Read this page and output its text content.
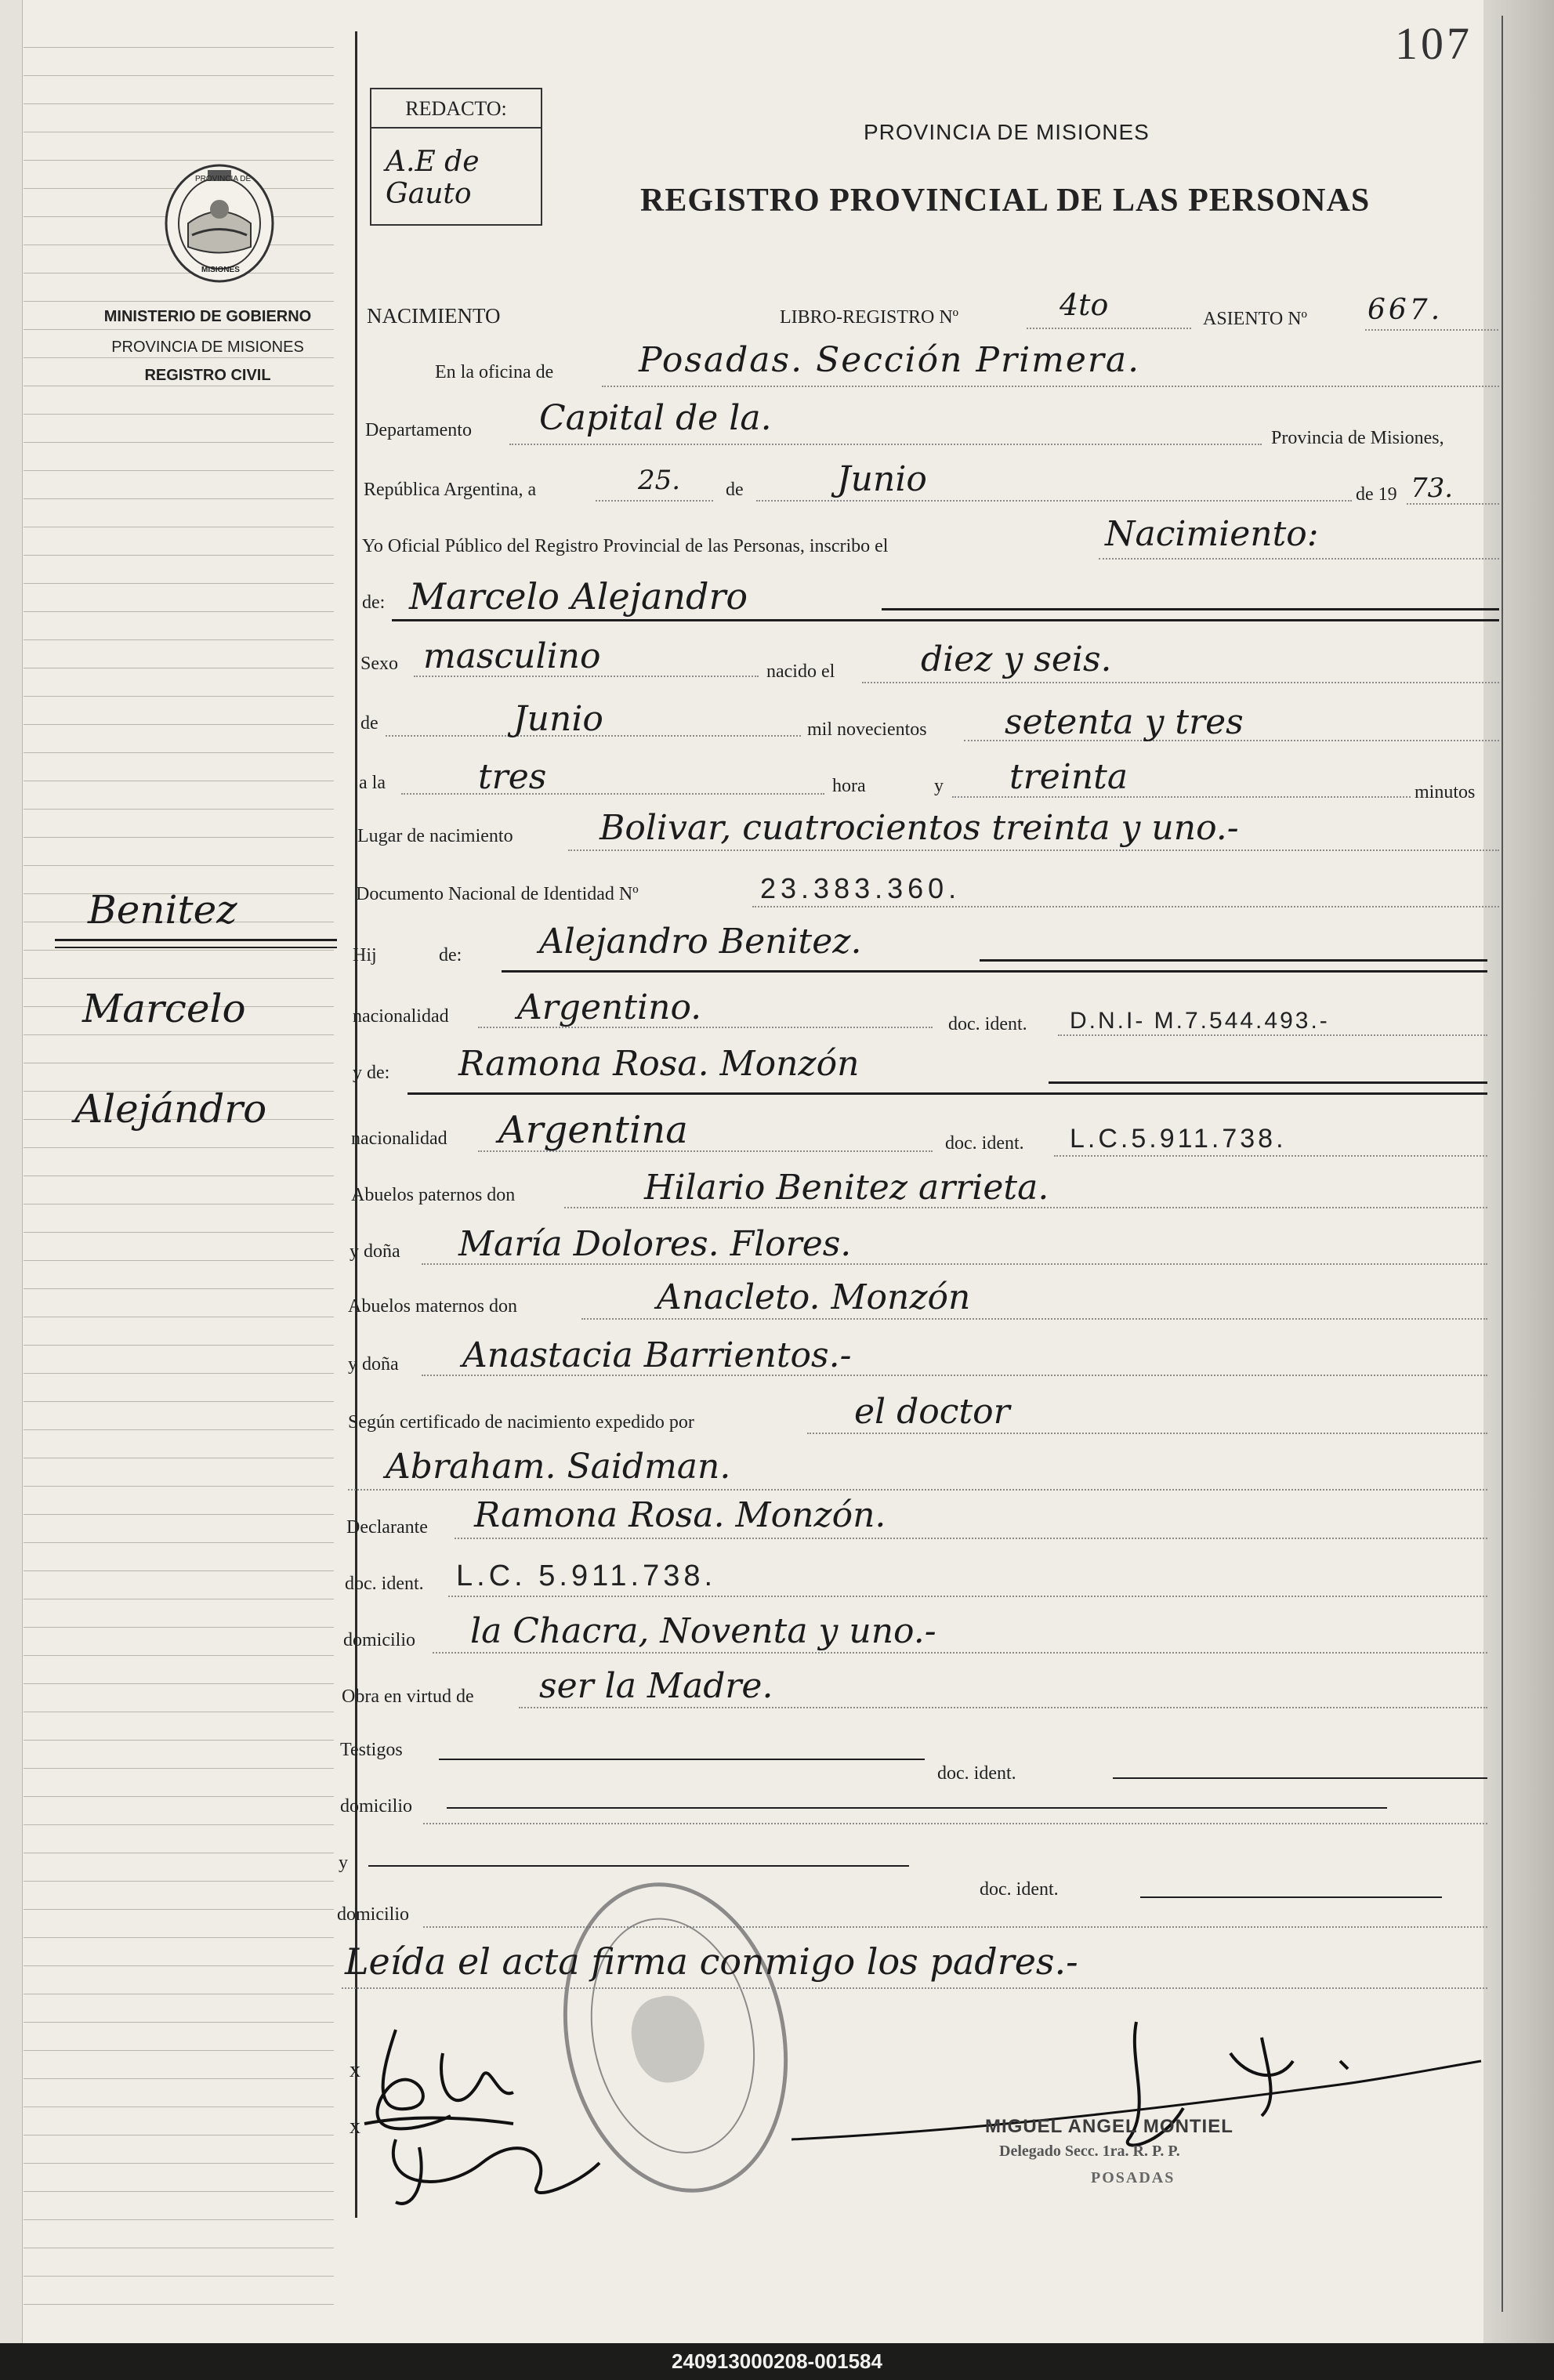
107
PROVINCIA DE
MISIONES
MINISTERIO DE GOBIERNO
PROVINCIA DE MISIONES
REGISTRO CIVIL
Benitez
Marcelo
Alejándro
REDACTO:
A.E de Gauto
PROVINCIA DE MISIONES
REGISTRO PROVINCIAL DE LAS PERSONAS
NACIMIENTO	LIBRO-REGISTRO Nº	4to	ASIENTO Nº 667.
En la oficina de Posadas. Sección Primera.
Departamento Capital de la.	Provincia de Misiones,
República Argentina, a	25. de	Junio	de 19 73.
Yo Oficial Público del Registro Provincial de las Personas, inscribo el	Nacimiento:
de: Marcelo Alejandro
Sexo masculino	nacido el diez y seis.
de	Junio	mil novecientos setenta y tres
a la	tres	hora	y treinta	minutos
Lugar de nacimiento	Bolivar, cuatrocientos treinta y uno.-
Documento Nacional de Identidad Nº	23.383.360.
Hij	de: Alejandro Benitez.
nacionalidad Argentino.	doc. ident. D.N.I- M.7.544.493.-
y de: Ramona Rosa. Monzón
nacionalidad Argentina	doc. ident. L.C.5.911.738.
Abuelos paternos don	Hilario Benitez arrieta.
y doña María Dolores. Flores.
Abuelos maternos don	Anacleto. Monzón
y doña Anastacia Barrientos.-
Según certificado de nacimiento expedido por	el doctor
Abraham. Saidman.
Declarante Ramona Rosa. Monzón.
doc. ident. L.C. 5.911.738.
domicilio la Chacra, Noventa y uno.-
Obra en virtud de ser la Madre.
Testigos
doc. ident.
domicilio
y
doc. ident.
domicilio
Leída el acta firma conmigo los padres.-
x
x	MIGUEL ANGEL MONTIEL
Delegado Secc. 1ra. R. P. P.
POSADAS
240913000208-001584
